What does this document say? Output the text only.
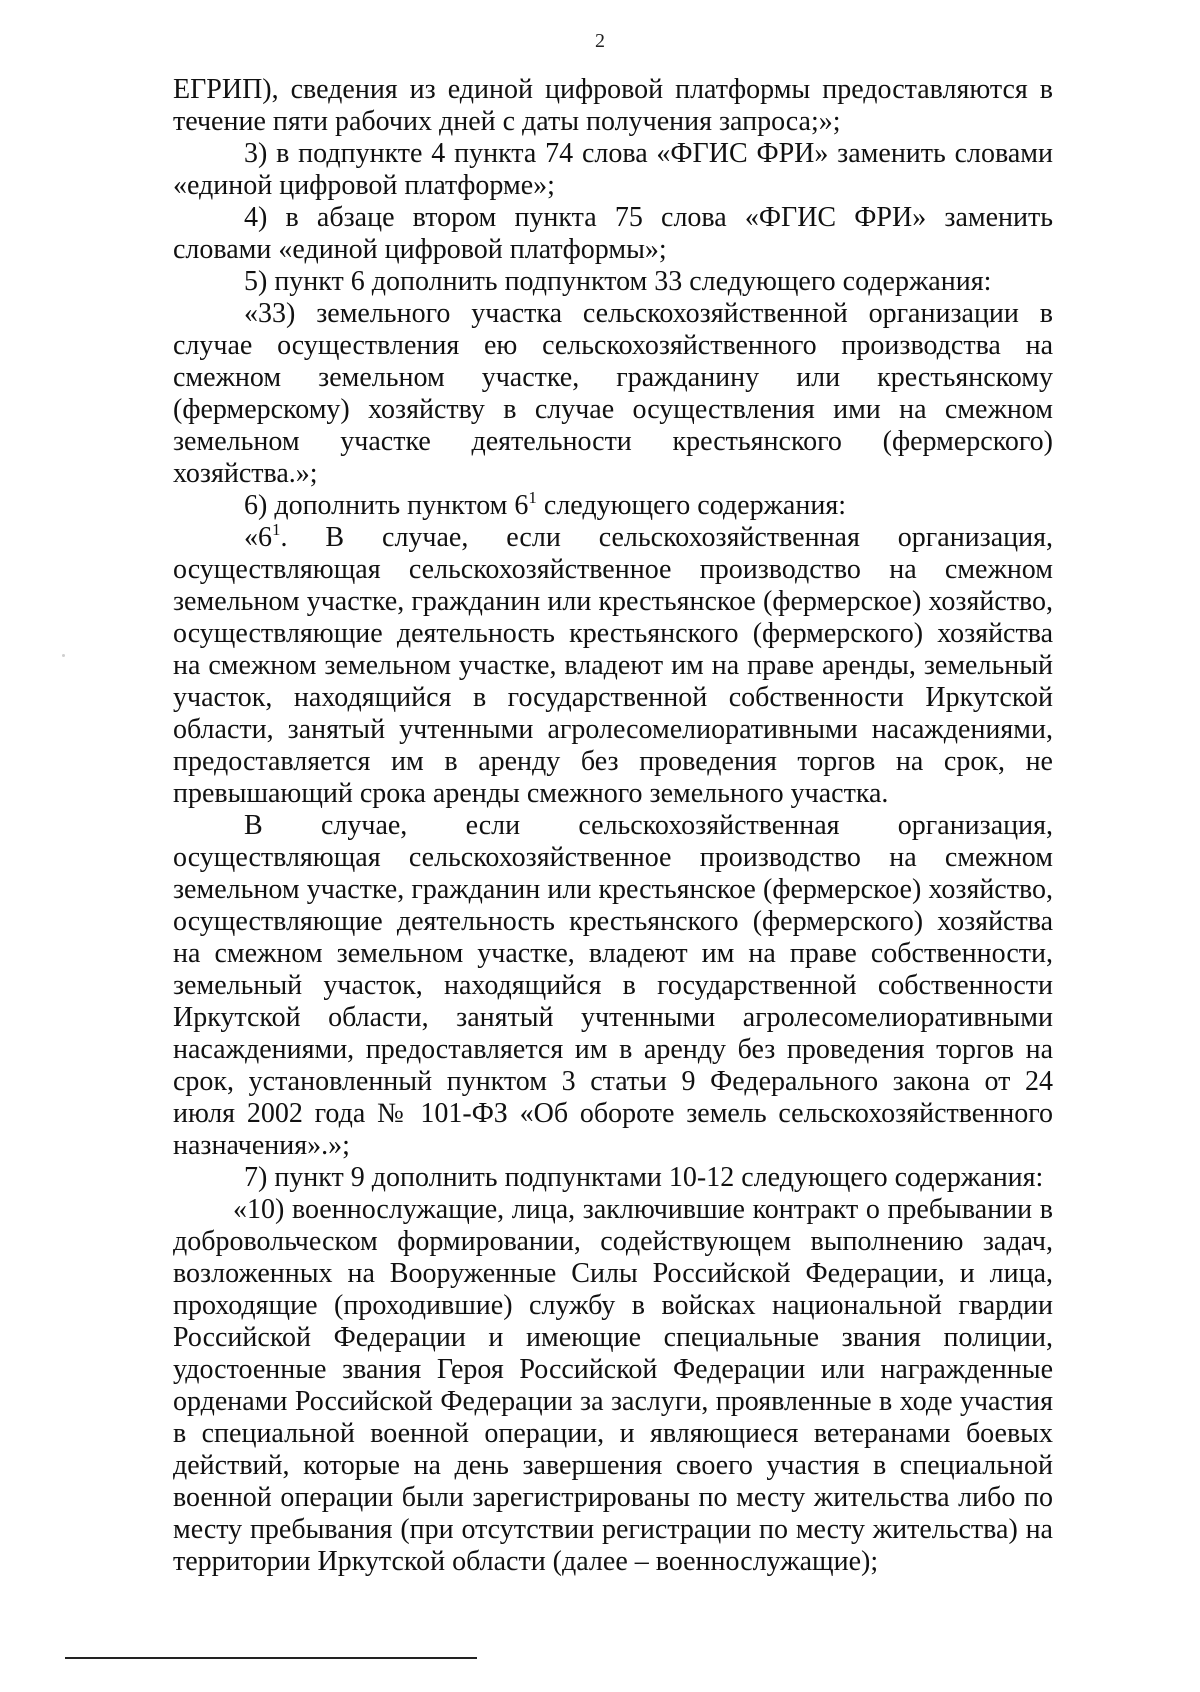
2

ЕГРИП), сведения из единой цифровой платформы предоставляются в течение пяти рабочих дней с даты получения запроса;»;

3) в подпункте 4 пункта 74 слова «ФГИС ФРИ» заменить словами «единой цифровой платформе»;

4) в абзаце втором пункта 75 слова «ФГИС ФРИ» заменить словами «единой цифровой платформы»;

5) пункт 6 дополнить подпунктом 33 следующего содержания:

«33) земельного участка сельскохозяйственной организации в случае осуществления ею сельскохозяйственного производства на смежном земельном участке, гражданину или крестьянскому (фермерскому) хозяйству в случае осуществления ими на смежном земельном участке деятельности крестьянского (фермерского) хозяйства.»;

6) дополнить пунктом $6^1$ следующего содержания:

«$6^1$. В случае, если сельскохозяйственная организация, осуществляющая сельскохозяйственное производство на смежном земельном участке, гражданин или крестьянское (фермерское) хозяйство, осуществляющие деятельность крестьянского (фермерского) хозяйства на смежном земельном участке, владеют им на праве аренды, земельный участок, находящийся в государственной собственности Иркутской области, занятый учтенными агролесомелиоративными насаждениями, предоставляется им в аренду без проведения торгов на срок, не превышающий срока аренды смежного земельного участка.

В случае, если сельскохозяйственная организация, осуществляющая сельскохозяйственное производство на смежном земельном участке, гражданин или крестьянское (фермерское) хозяйство, осуществляющие деятельность крестьянского (фермерского) хозяйства на смежном земельном участке, владеют им на праве собственности, земельный участок, находящийся в государственной собственности Иркутской области, занятый учтенными агролесомелиоративными насаждениями, предоставляется им в аренду без проведения торгов на срок, установленный пунктом 3 статьи 9 Федерального закона от 24 июля 2002 года № 101-ФЗ «Об обороте земель сельскохозяйственного назначения».»;

7) пункт 9 дополнить подпунктами 10-12 следующего содержания:

«10) военнослужащие, лица, заключившие контракт о пребывании в добровольческом формировании, содействующем выполнению задач, возложенных на Вооруженные Силы Российской Федерации, и лица, проходящие (проходившие) службу в войсках национальной гвардии Российской Федерации и имеющие специальные звания полиции, удостоенные звания Героя Российской Федерации или награжденные орденами Российской Федерации за заслуги, проявленные в ходе участия в специальной военной операции, и являющиеся ветеранами боевых действий, которые на день завершения своего участия в специальной военной операции были зарегистрированы по месту жительства либо по месту пребывания (при отсутствии регистрации по месту жительства) на территории Иркутской области (далее – военнослужащие);
